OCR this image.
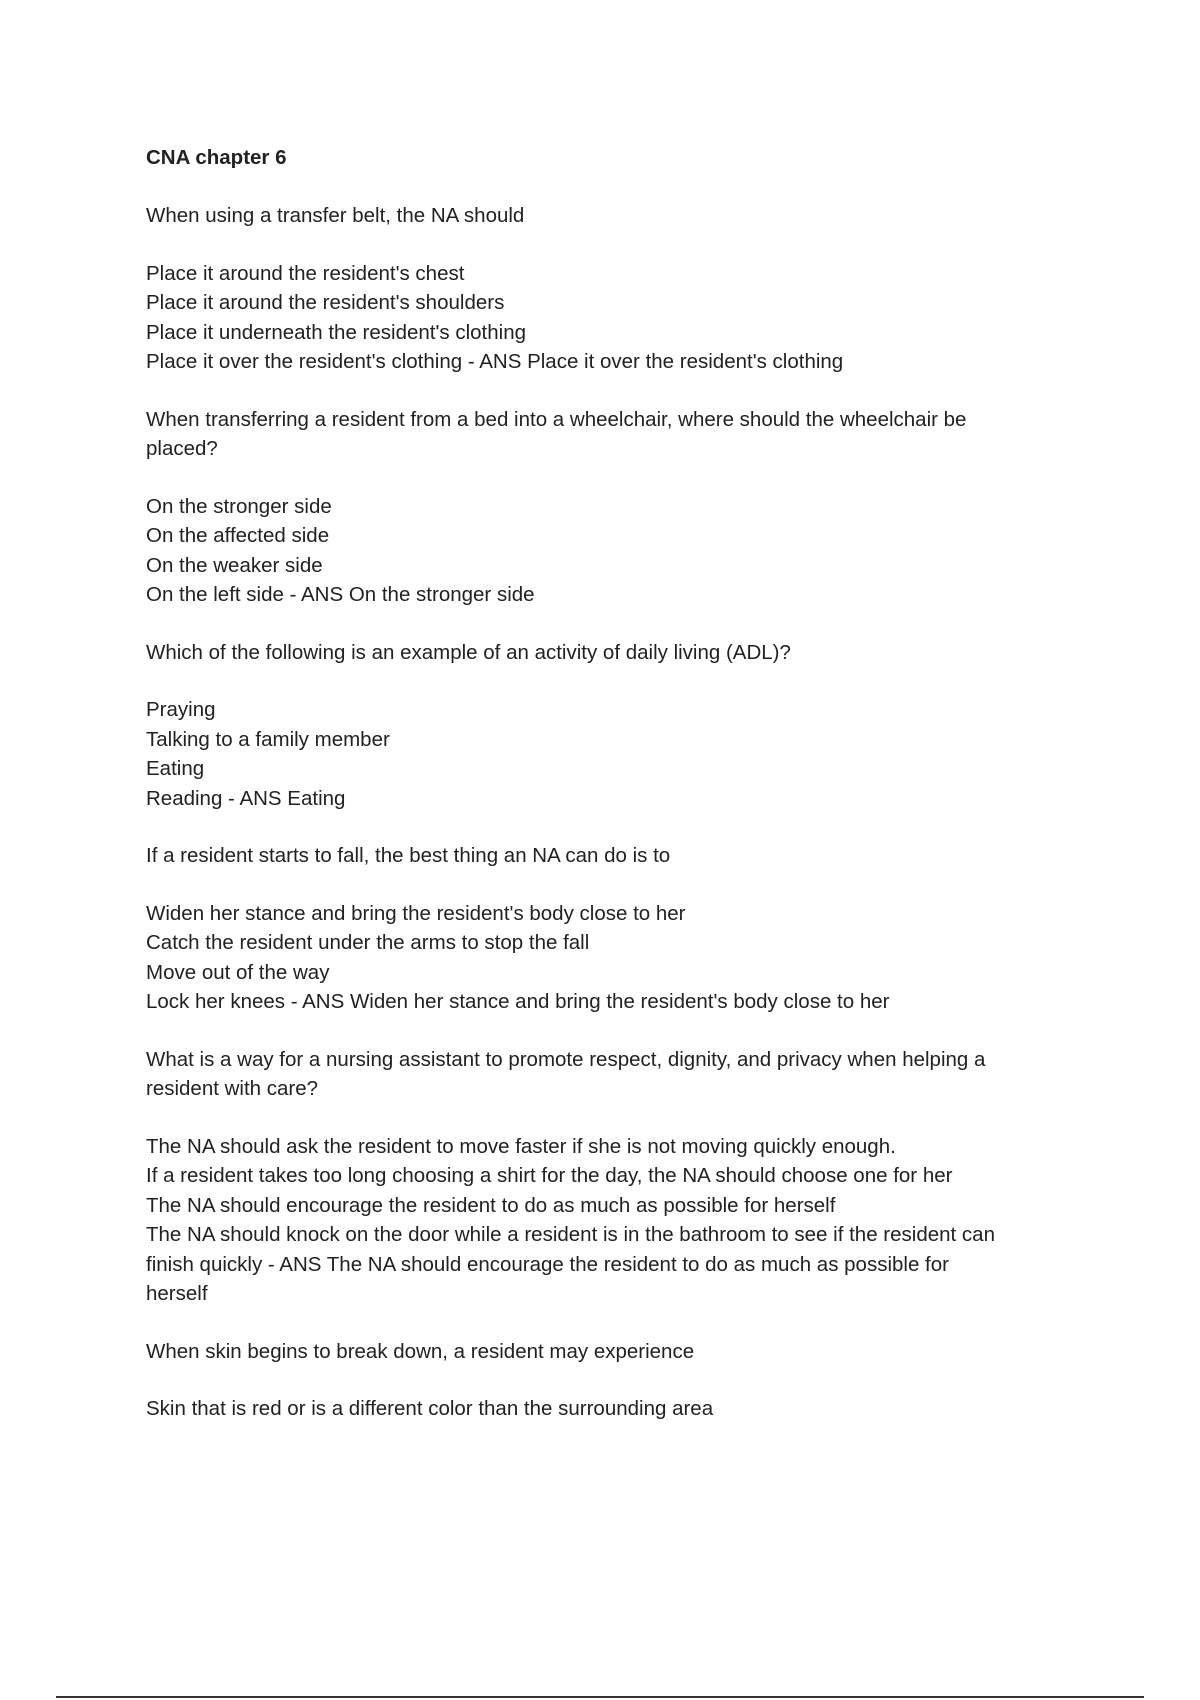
CNA chapter 6

When using a transfer belt, the NA should

Place it around the resident's chest

Place it around the resident's shoulders

Place it underneath the resident's clothing

Place it over the resident's clothing - ANS Place it over the resident's clothing

When transferring a resident from a bed into a wheelchair, where should the wheelchair be

placed?

On the stronger side

On the affected side

On the weaker side

On the left side - ANS On the stronger side

Which of the following is an example of an activity of daily living (ADL)?

Praying

Talking to a family member

Eating

Reading - ANS Eating

If a resident starts to fall, the best thing an NA can do is to

Widen her stance and bring the resident's body close to her

Catch the resident under the arms to stop the fall

Move out of the way

Lock her knees - ANS Widen her stance and bring the resident's body close to her

What is a way for a nursing assistant to promote respect, dignity, and privacy when helping a

resident with care?

The NA should ask the resident to move faster if she is not moving quickly enough.

If a resident takes too long choosing a shirt for the day, the NA should choose one for her

The NA should encourage the resident to do as much as possible for herself

The NA should knock on the door while a resident is in the bathroom to see if the resident can

finish quickly - ANS The NA should encourage the resident to do as much as possible for

herself

When skin begins to break down, a resident may experience

Skin that is red or is a different color than the surrounding area
